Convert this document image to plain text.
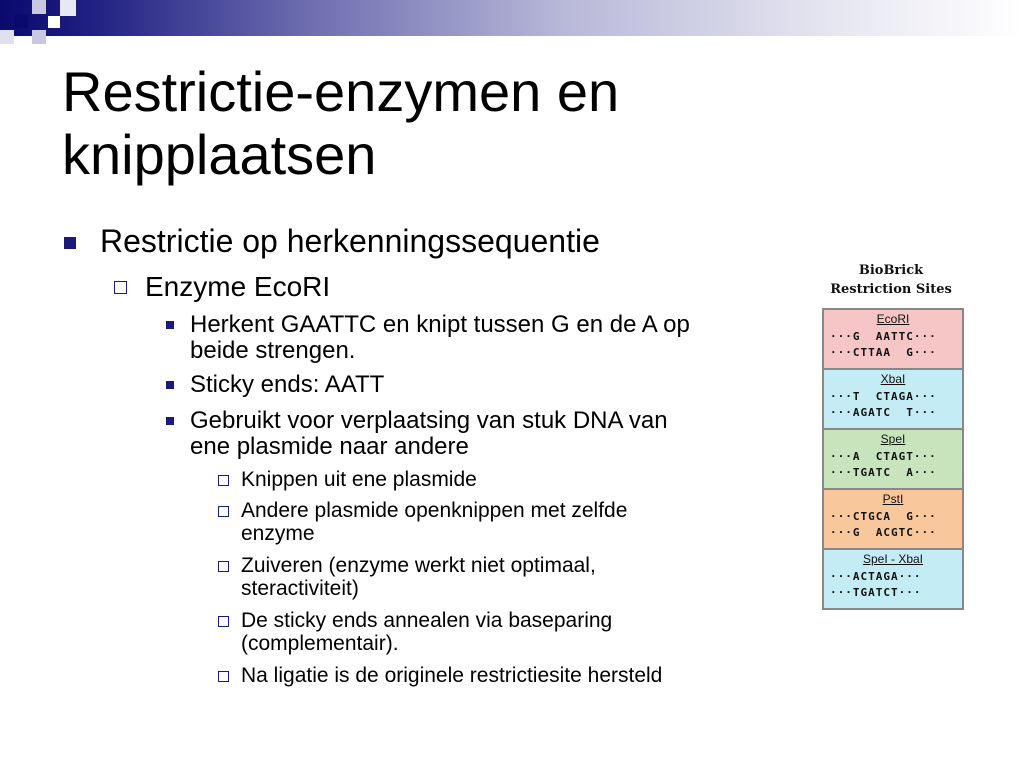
Restrictie-enzymen en
knipplaatsen
Restrictie op herkenningssequentie
Enzyme EcoRI
Herkent GAATTC en knipt tussen G en de A op
beide strengen.
Sticky ends: AATT
Gebruikt voor verplaatsing van stuk DNA van
ene plasmide naar andere
Knippen uit ene plasmide
Andere plasmide openknippen met zelfde
enzyme
Zuiveren (enzyme werkt niet optimaal,
steractiviteit)
De sticky ends annealen via baseparing
(complementair).
Na ligatie is de originele restrictiesite hersteld
BioBrick
Restriction Sites
EcoRI
···G  AATTC···
···CTTAA  G···
XbaI
···T  CTAGA···
···AGATC  T···
SpeI
···A  CTAGT···
···TGATC  A···
PstI
···CTGCA  G···
···G  ACGTC···
SpeI - XbaI
···ACTAGA···
···TGATCT···
